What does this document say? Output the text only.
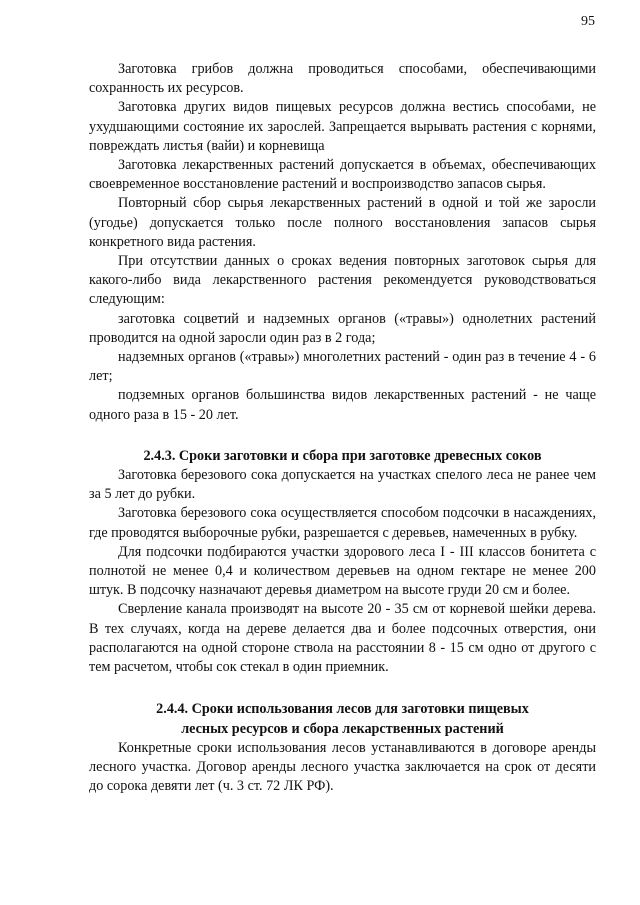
95

Заготовка грибов должна проводиться способами, обеспечивающими сохранность их ресурсов.

Заготовка других видов пищевых ресурсов должна вестись способами, не ухудшающими состояние их зарослей. Запрещается вырывать растения с корнями, повреждать листья (вайи) и корневища

Заготовка лекарственных растений допускается в объемах, обеспечивающих своевременное восстановление растений и воспроизводство запасов сырья.

Повторный сбор сырья лекарственных растений в одной и той же заросли (угодье) допускается только после полного восстановления запасов сырья конкретного вида растения.

При отсутствии данных о сроках ведения повторных заготовок сырья для какого-либо вида лекарственного растения рекомендуется руководствоваться следующим:

заготовка соцветий и надземных органов («травы») однолетних растений проводится на одной заросли один раз в 2 года;

надземных органов («травы») многолетних растений - один раз в течение 4 - 6 лет;

подземных органов большинства видов лекарственных растений - не чаще одного раза в 15 - 20 лет.

2.4.3. Сроки заготовки и сбора при заготовке древесных соков

Заготовка березового сока допускается на участках спелого леса не ранее чем за 5 лет до рубки.

Заготовка березового сока осуществляется способом подсочки в насаждениях, где проводятся выборочные рубки, разрешается с деревьев, намеченных в рубку.

Для подсочки подбираются участки здорового леса I - III классов бонитета с полнотой не менее 0,4 и количеством деревьев на одном гектаре не менее 200 штук. В подсочку назначают деревья диаметром на высоте груди 20 см и более.

Сверление канала производят на высоте 20 - 35 см от корневой шейки дерева. В тех случаях, когда на дереве делается два и более подсочных отверстия, они располагаются на одной стороне ствола на расстоянии 8 - 15 см одно от другого с тем расчетом, чтобы сок стекал в один приемник.

2.4.4. Сроки использования лесов для заготовки пищевых
лесных ресурсов и сбора лекарственных растений

Конкретные сроки использования лесов устанавливаются в договоре аренды лесного участка. Договор аренды лесного участка заключается на срок от десяти до сорока девяти лет (ч. 3 ст. 72 ЛК РФ).
